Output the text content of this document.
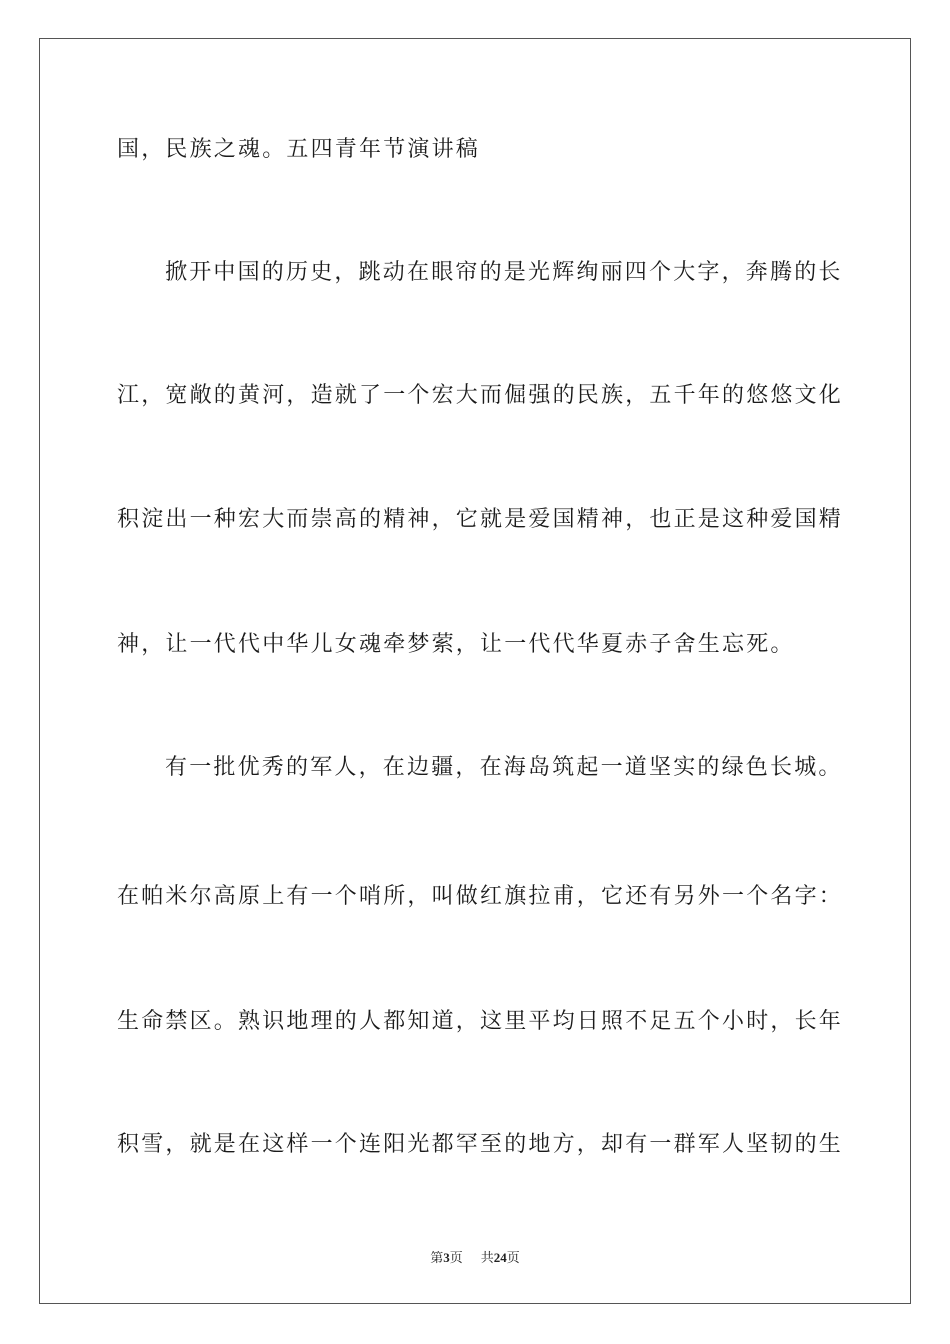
国，民族之魂。五四青年节演讲稿
掀开中国的历史，跳动在眼帘的是光辉绚丽四个大字，奔腾的长
江，宽敞的黄河，造就了一个宏大而倔强的民族，五千年的悠悠文化
积淀出一种宏大而崇高的精神，它就是爱国精神，也正是这种爱国精
神，让一代代中华儿女魂牵梦萦，让一代代华夏赤子舍生忘死。
有一批优秀的军人，在边疆，在海岛筑起一道坚实的绿色长城。
在帕米尔高原上有一个哨所，叫做红旗拉甫，它还有另外一个名字：
生命禁区。熟识地理的人都知道，这里平均日照不足五个小时，长年
积雪，就是在这样一个连阳光都罕至的地方，却有一群军人坚韧的生
第3页 共24页
